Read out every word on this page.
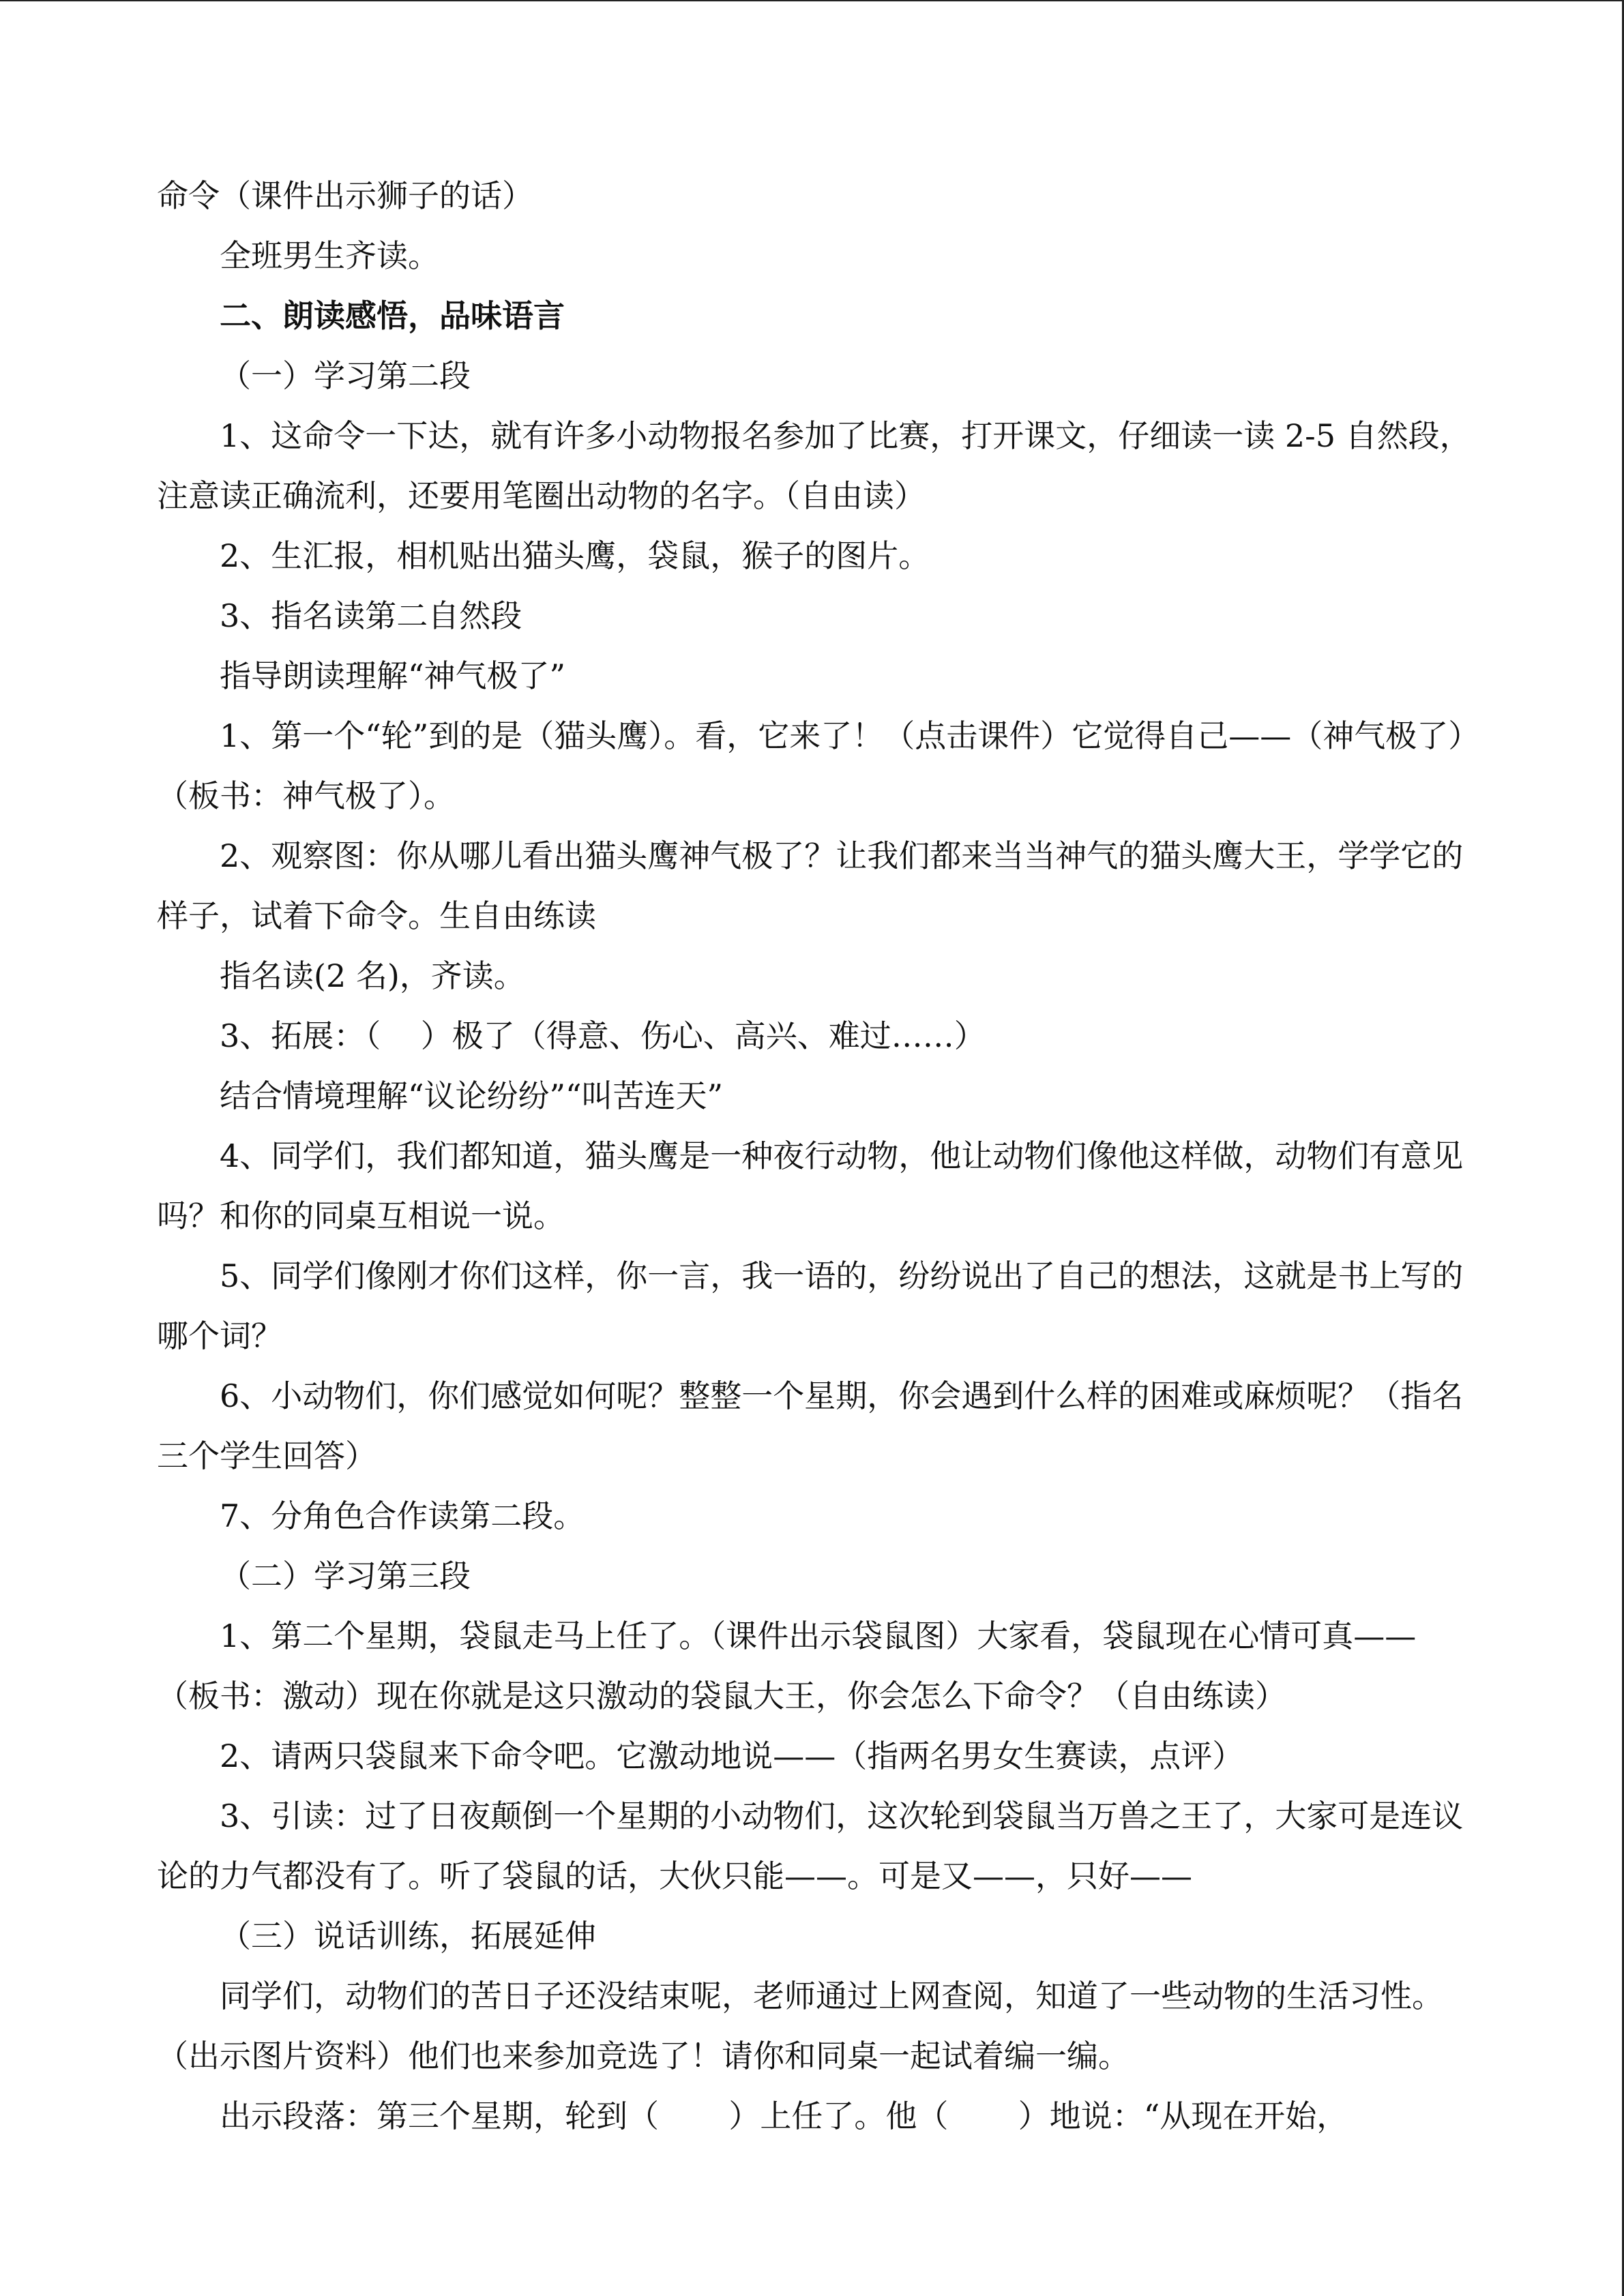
命令（课件出示狮子的话）

全班男生齐读。

二、朗读感悟，品味语言

（一）学习第二段

1、这命令一下达，就有许多小动物报名参加了比赛，打开课文，仔细读一读 2-5 自然段，注意读正确流利，还要用笔圈出动物的名字。（自由读）

2、生汇报，相机贴出猫头鹰，袋鼠，猴子的图片。

3、指名读第二自然段

指导朗读理解“神气极了”

1、第一个“轮”到的是（猫头鹰）。看，它来了！（点击课件）它觉得自己——（神气极了）（板书：神气极了）。

2、观察图：你从哪儿看出猫头鹰神气极了？让我们都来当当神气的猫头鹰大王，学学它的样子，试着下命令。生自由练读

指名读(2 名)，齐读。

3、拓展：（    ）极了（得意、伤心、高兴、难过……）

结合情境理解“议论纷纷”“叫苦连天”

4、同学们，我们都知道，猫头鹰是一种夜行动物，他让动物们像他这样做，动物们有意见吗？和你的同桌互相说一说。

5、同学们像刚才你们这样，你一言，我一语的，纷纷说出了自己的想法，这就是书上写的哪个词？

6、小动物们，你们感觉如何呢？整整一个星期，你会遇到什么样的困难或麻烦呢？（指名三个学生回答）

7、分角色合作读第二段。

（二）学习第三段

1、第二个星期，袋鼠走马上任了。（课件出示袋鼠图）大家看，袋鼠现在心情可真——（板书：激动）现在你就是这只激动的袋鼠大王，你会怎么下命令？（自由练读）

2、请两只袋鼠来下命令吧。它激动地说——（指两名男女生赛读，点评）

3、引读：过了日夜颠倒一个星期的小动物们，这次轮到袋鼠当万兽之王了，大家可是连议论的力气都没有了。听了袋鼠的话，大伙只能——。可是又——，只好——

（三）说话训练，拓展延伸

同学们，动物们的苦日子还没结束呢，老师通过上网查阅，知道了一些动物的生活习性。（出示图片资料）他们也来参加竞选了！请你和同桌一起试着编一编。

出示段落：第三个星期，轮到（       ）上任了。他（       ）地说：“从现在开始，
